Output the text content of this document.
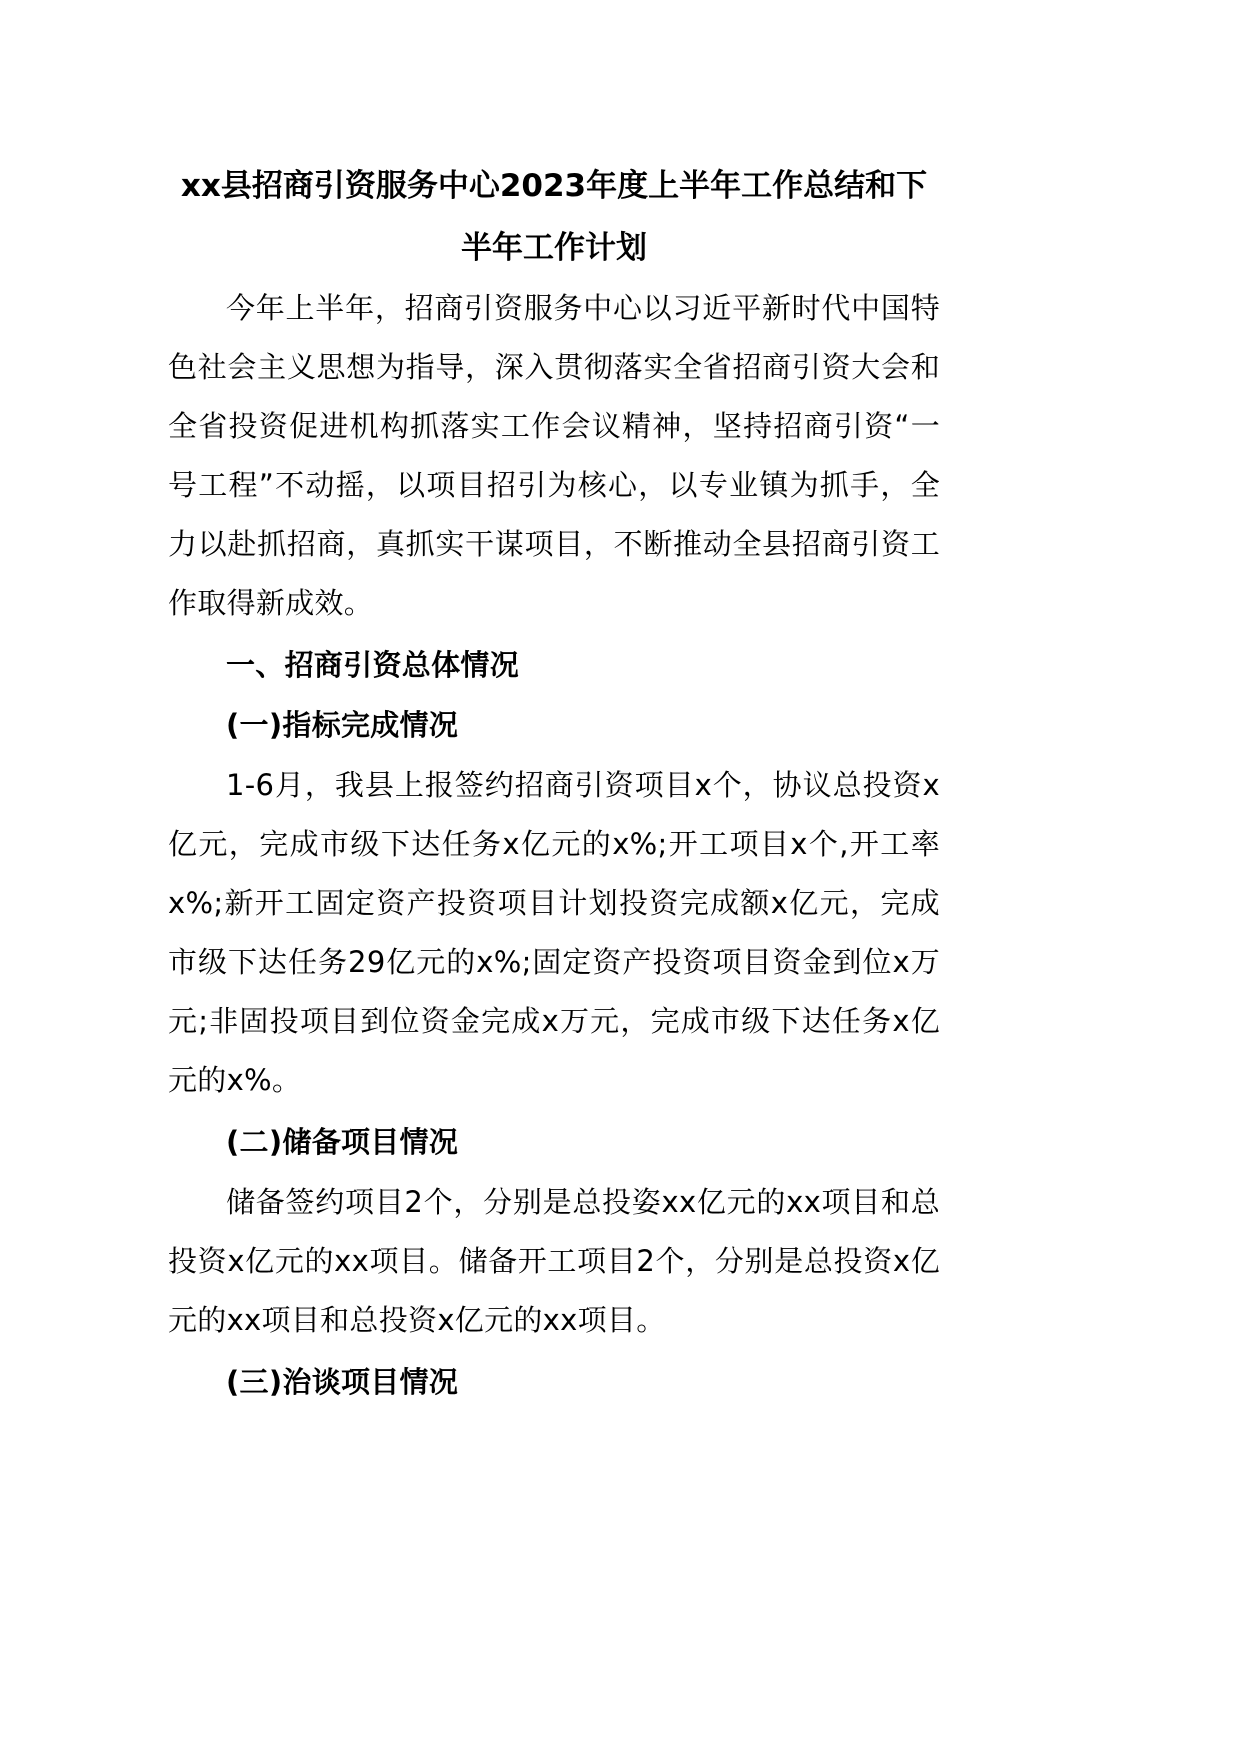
xx县招商引资服务中心2023年度上半年工作总结和下半年工作计划

今年上半年，招商引资服务中心以习近平新时代中国特色社会主义思想为指导，深入贯彻落实全省招商引资大会和全省投资促进机构抓落实工作会议精神，坚持招商引资“一号工程”不动摇，以项目招引为核心，以专业镇为抓手，全力以赴抓招商，真抓实干谋项目，不断推动全县招商引资工作取得新成效。

一、招商引资总体情况
(一)指标完成情况

1-6月，我县上报签约招商引资项目x个，协议总投资x亿元，完成市级下达任务x亿元的x%;开工项目x个,开工率x%;新开工固定资产投资项目计划投资完成额x亿元，完成市级下达任务29亿元的x%;固定资产投资项目资金到位x万元;非固投项目到位资金完成x万元，完成市级下达任务x亿元的x%。

(二)储备项目情况

储备签约项目2个，分别是总投姿xx亿元的xx项目和总投资x亿元的xx项目。储备开工项目2个，分别是总投资x亿元的xx项目和总投资x亿元的xx项目。

(三)治谈项目情况
